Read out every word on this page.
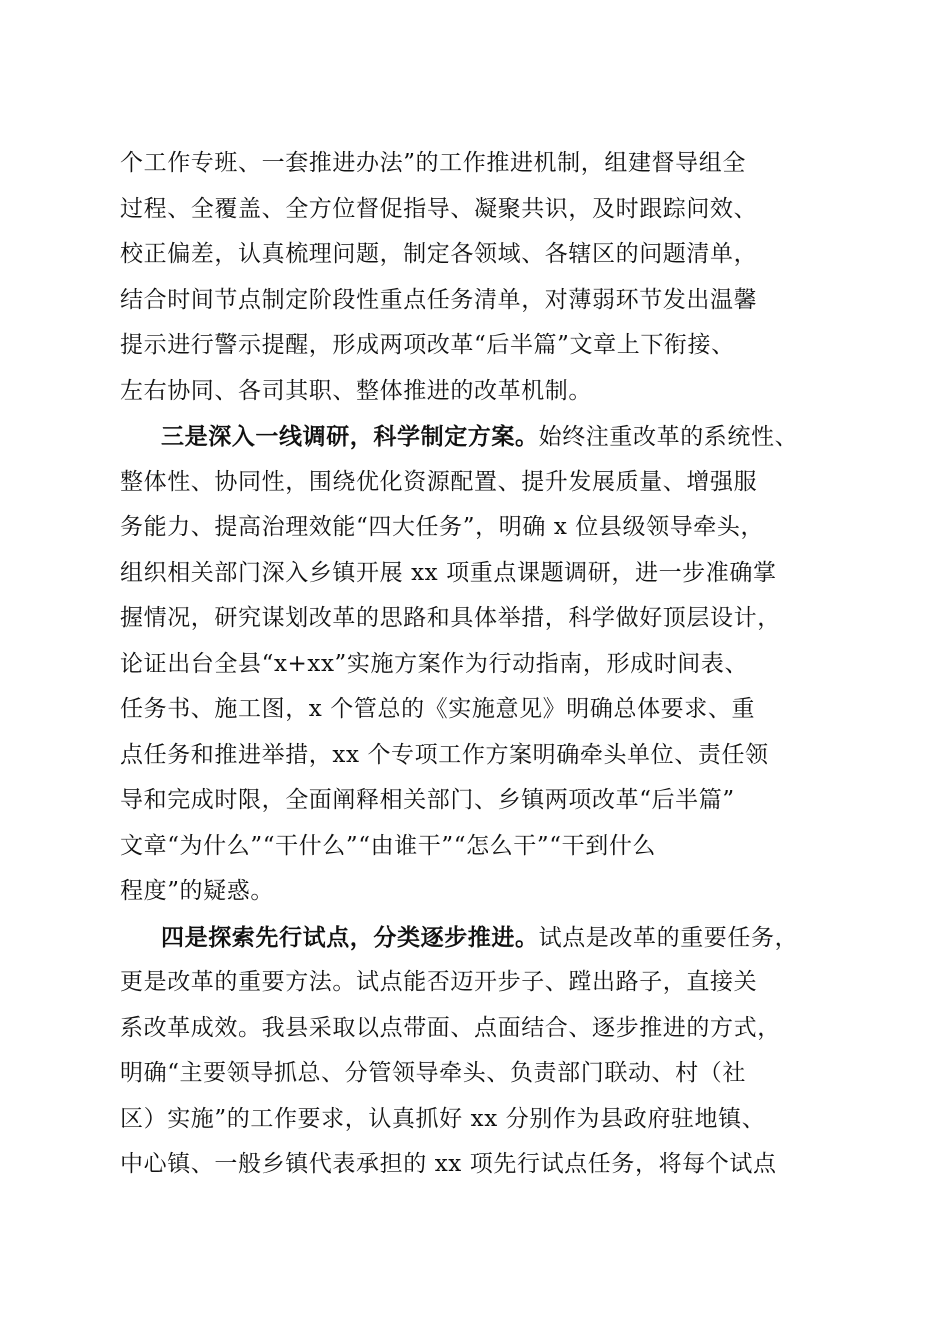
个工作专班、一套推进办法”的工作推进机制，组建督导组全
过程、全覆盖、全方位督促指导、凝聚共识，及时跟踪问效、
校正偏差，认真梳理问题，制定各领域、各辖区的问题清单，
结合时间节点制定阶段性重点任务清单，对薄弱环节发出温馨
提示进行警示提醒，形成两项改革“后半篇”文章上下衔接、
左右协同、各司其职、整体推进的改革机制。
三是深入一线调研，科学制定方案。始终注重改革的系统性、
整体性、协同性，围绕优化资源配置、提升发展质量、增强服
务能力、提高治理效能“四大任务”，明确 x 位县级领导牵头，
组织相关部门深入乡镇开展 xx 项重点课题调研，进一步准确掌
握情况，研究谋划改革的思路和具体举措，科学做好顶层设计，
论证出台全县“x+xx”实施方案作为行动指南，形成时间表、
任务书、施工图，x 个管总的《实施意见》明确总体要求、重
点任务和推进举措，xx 个专项工作方案明确牵头单位、责任领
导和完成时限，全面阐释相关部门、乡镇两项改革“后半篇”
文章“为什么”“干什么”“由谁干”“怎么干”“干到什么
程度”的疑惑。
四是探索先行试点，分类逐步推进。试点是改革的重要任务，
更是改革的重要方法。试点能否迈开步子、蹚出路子，直接关
系改革成效。我县采取以点带面、点面结合、逐步推进的方式，
明确“主要领导抓总、分管领导牵头、负责部门联动、村（社
区）实施”的工作要求，认真抓好 xx 分别作为县政府驻地镇、
中心镇、一般乡镇代表承担的 xx 项先行试点任务，将每个试点
